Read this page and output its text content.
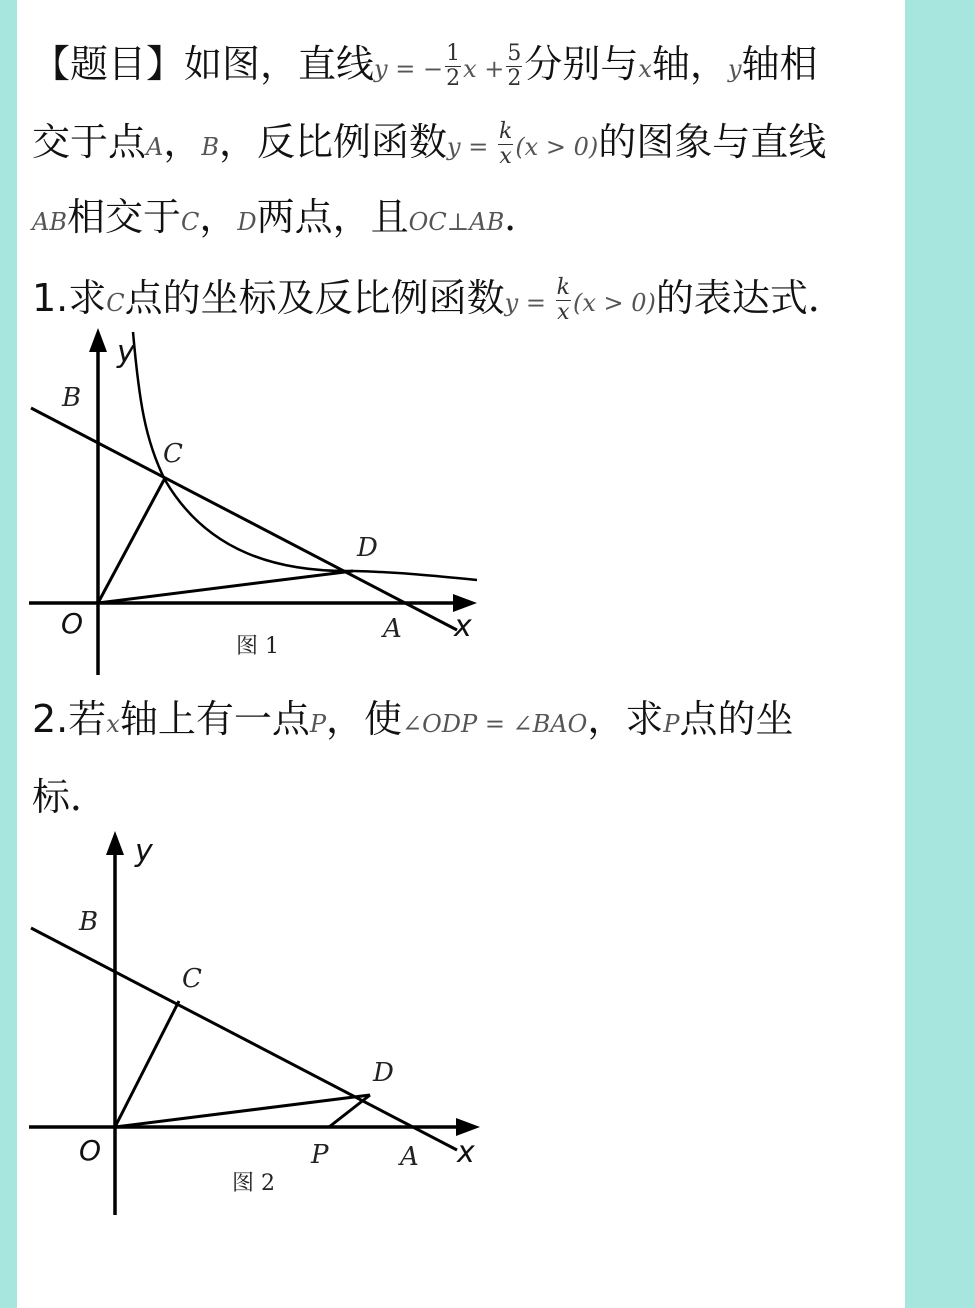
【题目】如图，直线y = − $\frac{1}{2}$ $x + \frac{5}{2}$ 分别与x轴，y轴相
交于点A，B，反比例函数$y = \frac{k}{x} (x > 0)$的图象与直线
AB相交于C，D两点，且OC⊥AB．
1.求C点的坐标及反比例函数$y = \frac{k}{x} (x > 0)$的表达式．
y
x
O	A
B
C
D
图 1
2.若x轴上有一点P，使∠ODP = ∠BAO，求P点的坐
标．
y
x
O	A
B
C
D
P
图 2
